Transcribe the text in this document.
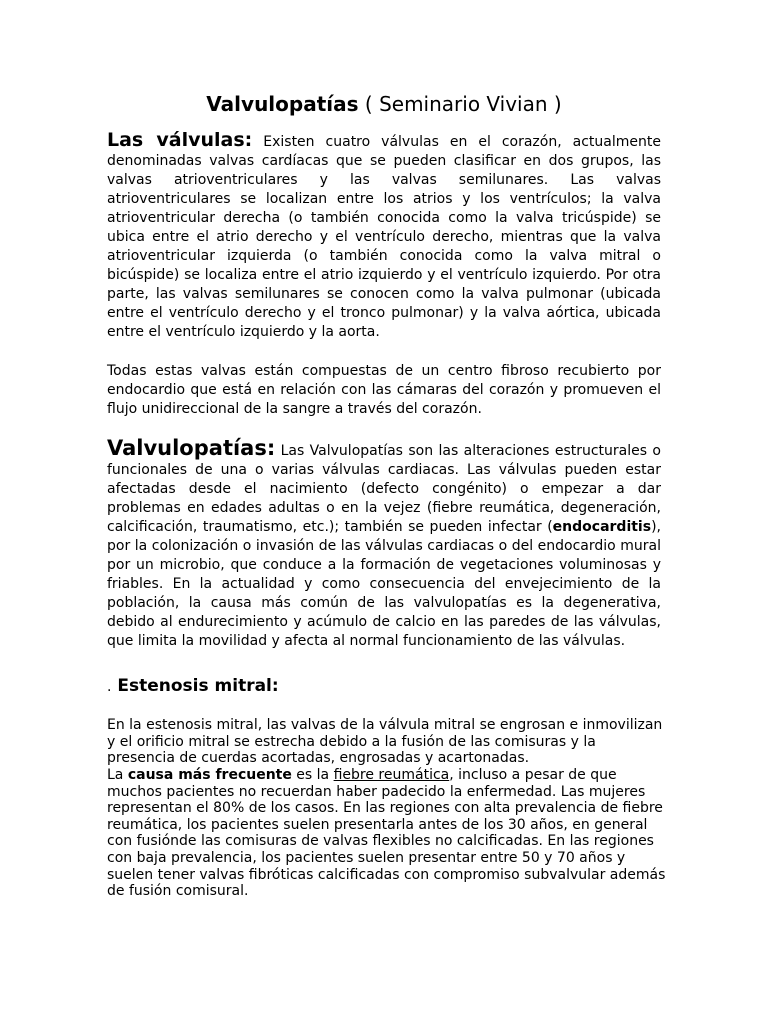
Valvulopatías ( Seminario Vivian )

Las válvulas: Existen cuatro válvulas en el corazón, actualmente denominadas valvas cardíacas que se pueden clasificar en dos grupos, las valvas atrioventriculares y las valvas semilunares. Las valvas atrioventriculares se localizan entre los atrios y los ventrículos; la valva atrioventricular derecha (o también conocida como la valva tricúspide) se ubica entre el atrio derecho y el ventrículo derecho, mientras que la valva atrioventricular izquierda (o también conocida como la valva mitral o bicúspide) se localiza entre el atrio izquierdo y el ventrículo izquierdo. Por otra parte, las valvas semilunares se conocen como la valva pulmonar (ubicada entre el ventrículo derecho y el tronco pulmonar) y la valva aórtica, ubicada entre el ventrículo izquierdo y la aorta.

Todas estas valvas están compuestas de un centro fibroso recubierto por endocardio que está en relación con las cámaras del corazón y promueven el flujo unidireccional de la sangre a través del corazón.

Valvulopatías: Las Valvulopatías son las alteraciones estructurales o funcionales de una o varias válvulas cardiacas. Las válvulas pueden estar afectadas desde el nacimiento (defecto congénito) o empezar a dar problemas en edades adultas o en la vejez (fiebre reumática, degeneración, calcificación, traumatismo, etc.); también se pueden infectar (endocarditis), por la colonización o invasión de las válvulas cardiacas o del endocardio mural por un microbio, que conduce a la formación de vegetaciones voluminosas y friables. En la actualidad y como consecuencia del envejecimiento de la población, la causa más común de las valvulopatías es la degenerativa, debido al endurecimiento y acúmulo de calcio en las paredes de las válvulas, que limita la movilidad y afecta al normal funcionamiento de las válvulas.

. Estenosis mitral:

En la estenosis mitral, las valvas de la válvula mitral se engrosan e inmovilizan y el orificio mitral se estrecha debido a la fusión de las comisuras y la presencia de cuerdas acortadas, engrosadas y acartonadas.

La causa más frecuente es la fiebre reumática, incluso a pesar de que muchos pacientes no recuerdan haber padecido la enfermedad. Las mujeres representan el 80% de los casos. En las regiones con alta prevalencia de fiebre reumática, los pacientes suelen presentarla antes de los 30 años, en general con fusiónde las comisuras de valvas flexibles no calcificadas. En las regiones con baja prevalencia, los pacientes suelen presentar entre 50 y 70 años y suelen tener valvas fibróticas calcificadas con compromiso subvalvular además de fusión comisural.
